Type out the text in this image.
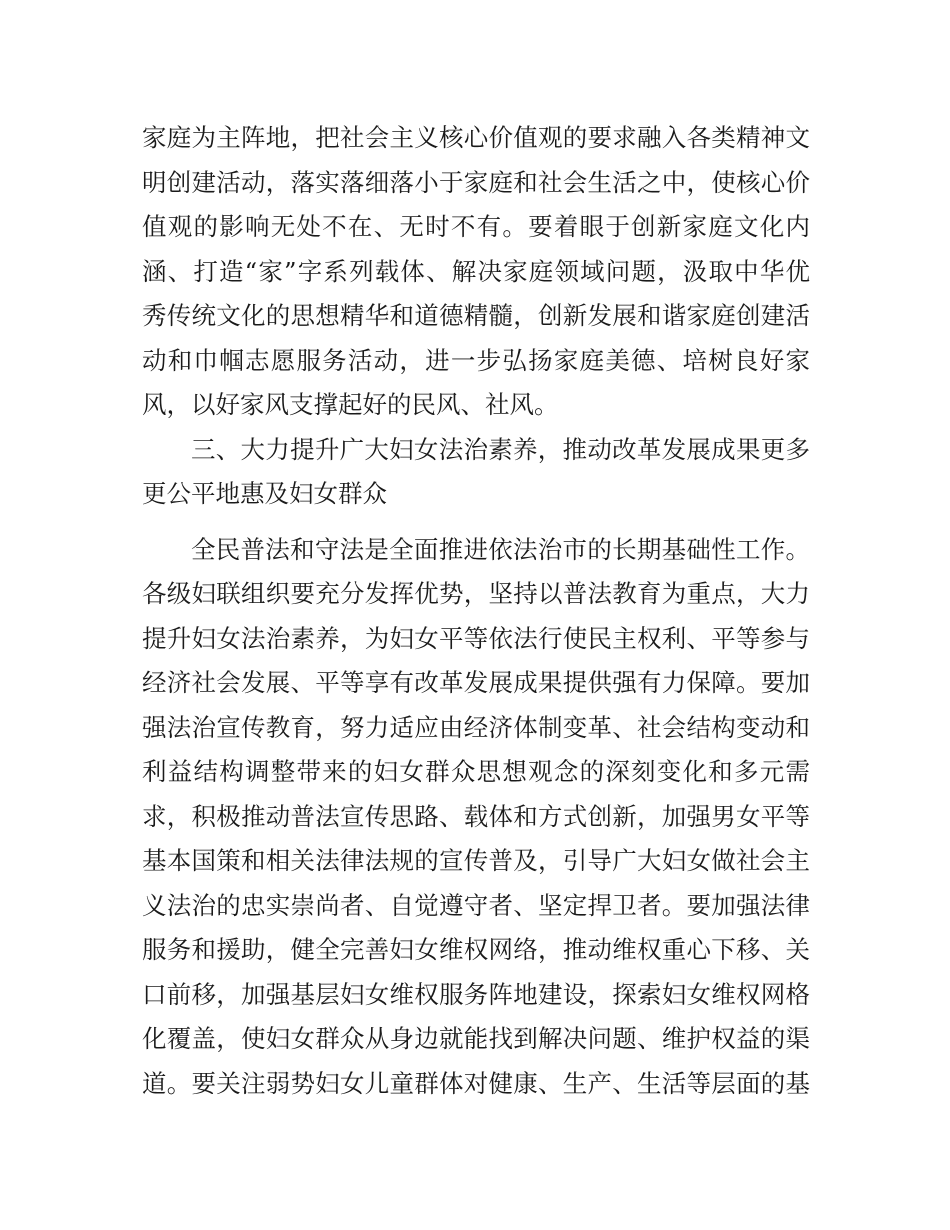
家庭为主阵地，把社会主义核心价值观的要求融入各类精神文
明创建活动，落实落细落小于家庭和社会生活之中，使核心价
值观的影响无处不在、无时不有。要着眼于创新家庭文化内
涵、打造“家”字系列载体、解决家庭领域问题，汲取中华优
秀传统文化的思想精华和道德精髓，创新发展和谐家庭创建活
动和巾帼志愿服务活动，进一步弘扬家庭美德、培树良好家
风，以好家风支撑起好的民风、社风。
三、大力提升广大妇女法治素养，推动改革发展成果更多
更公平地惠及妇女群众
全民普法和守法是全面推进依法治市的长期基础性工作。
各级妇联组织要充分发挥优势，坚持以普法教育为重点，大力
提升妇女法治素养，为妇女平等依法行使民主权利、平等参与
经济社会发展、平等享有改革发展成果提供强有力保障。要加
强法治宣传教育，努力适应由经济体制变革、社会结构变动和
利益结构调整带来的妇女群众思想观念的深刻变化和多元需
求，积极推动普法宣传思路、载体和方式创新，加强男女平等
基本国策和相关法律法规的宣传普及，引导广大妇女做社会主
义法治的忠实崇尚者、自觉遵守者、坚定捍卫者。要加强法律
服务和援助，健全完善妇女维权网络，推动维权重心下移、关
口前移，加强基层妇女维权服务阵地建设，探索妇女维权网格
化覆盖，使妇女群众从身边就能找到解决问题、维护权益的渠
道。要关注弱势妇女儿童群体对健康、生产、生活等层面的基
